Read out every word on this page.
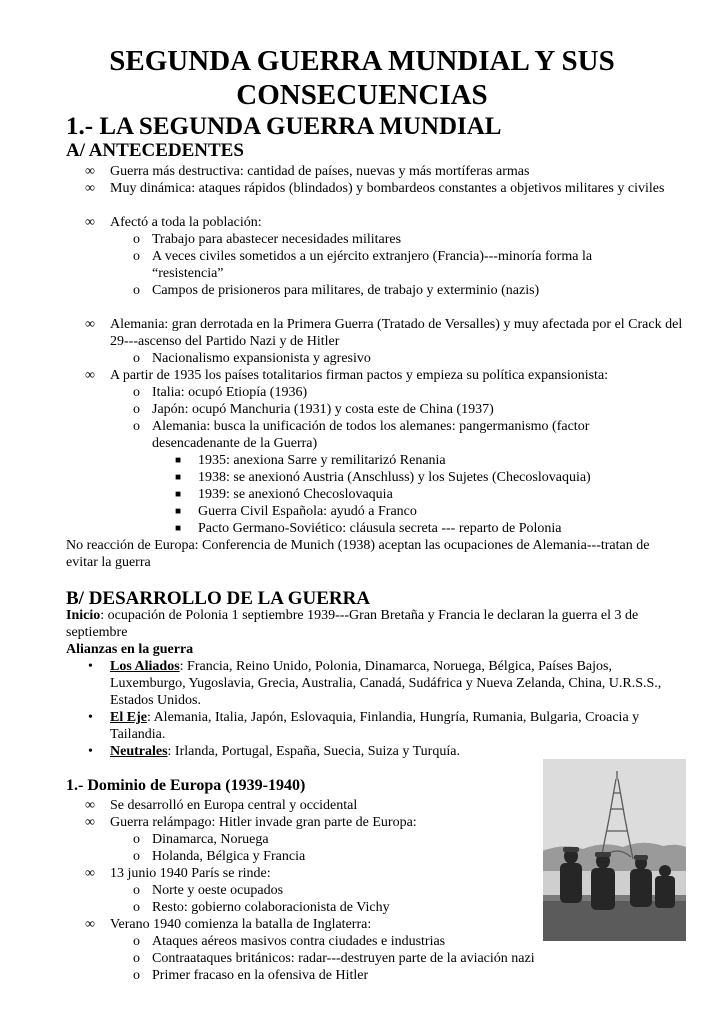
SEGUNDA GUERRA MUNDIAL Y SUS CONSECUENCIAS
1.- LA SEGUNDA GUERRA MUNDIAL
A/ ANTECEDENTES
∞	Guerra más destructiva: cantidad de países, nuevas y más mortíferas armas
∞	Muy dinámica: ataques rápidos (blindados) y bombardeos constantes a objetivos militares y civiles
∞	Afectó a toda la población:
o Trabajo para abastecer necesidades militares
o A veces civiles sometidos a un ejército extranjero (Francia)---minoría forma la “resistencia”
o Campos de prisioneros para militares, de trabajo y exterminio (nazis)
∞	Alemania: gran derrotada en la Primera Guerra (Tratado de Versalles) y muy afectada por el Crack del 29---ascenso del Partido Nazi y de Hitler
o Nacionalismo expansionista y agresivo
∞	A partir de 1935 los países totalitarios firman pactos y empieza su política expansionista:
o Italia: ocupó Etiopía (1936)
o Japón: ocupó Manchuria (1931) y costa este de China (1937)
o Alemania: busca la unificación de todos los alemanes: pangermanismo (factor desencadenante de la Guerra)
■	1935: anexiona Sarre y remilitarizó Renania
■	1938: se anexionó Austria (Anschluss) y los Sujetes (Checoslovaquia)
■	1939: se anexionó Checoslovaquia
■	Guerra Civil Española: ayudó a Franco
■	Pacto Germano-Soviético: cláusula secreta --- reparto de Polonia

No reacción de Europa: Conferencia de Munich (1938) aceptan las ocupaciones de Alemania---tratan de evitar la guerra

B/ DESARROLLO DE LA GUERRA

Inicio: ocupación de Polonia 1 septiembre 1939---Gran Bretaña y Francia le declaran la guerra el 3 de septiembre

Alianzas en la guerra

•	Los Aliados: Francia, Reino Unido, Polonia, Dinamarca, Noruega, Bélgica, Países Bajos, Luxemburgo, Yugoslavia, Grecia, Australia, Canadá, Sudáfrica y Nueva Zelanda, China, U.R.S.S., Estados Unidos.
•	El Eje: Alemania, Italia, Japón, Eslovaquia, Finlandia, Hungría, Rumania, Bulgaria, Croacia y Tailandia.
•	Neutrales: Irlanda, Portugal, España, Suecia, Suiza y Turquía.
1.- Dominio de Europa (1939-1940)
∞	Se desarrolló en Europa central y occidental
∞	Guerra relámpago: Hitler invade gran parte de Europa:
o Dinamarca, Noruega
o Holanda, Bélgica y Francia
∞	13 junio 1940 París se rinde:
o Norte y oeste ocupados
o Resto: gobierno colaboracionista de Vichy
∞	Verano 1940 comienza la batalla de Inglaterra:
o Ataques aéreos masivos contra ciudades e industrias
o Contraataques británicos: radar---destruyen parte de la aviación nazi
o Primer fracaso en la ofensiva de Hitler
